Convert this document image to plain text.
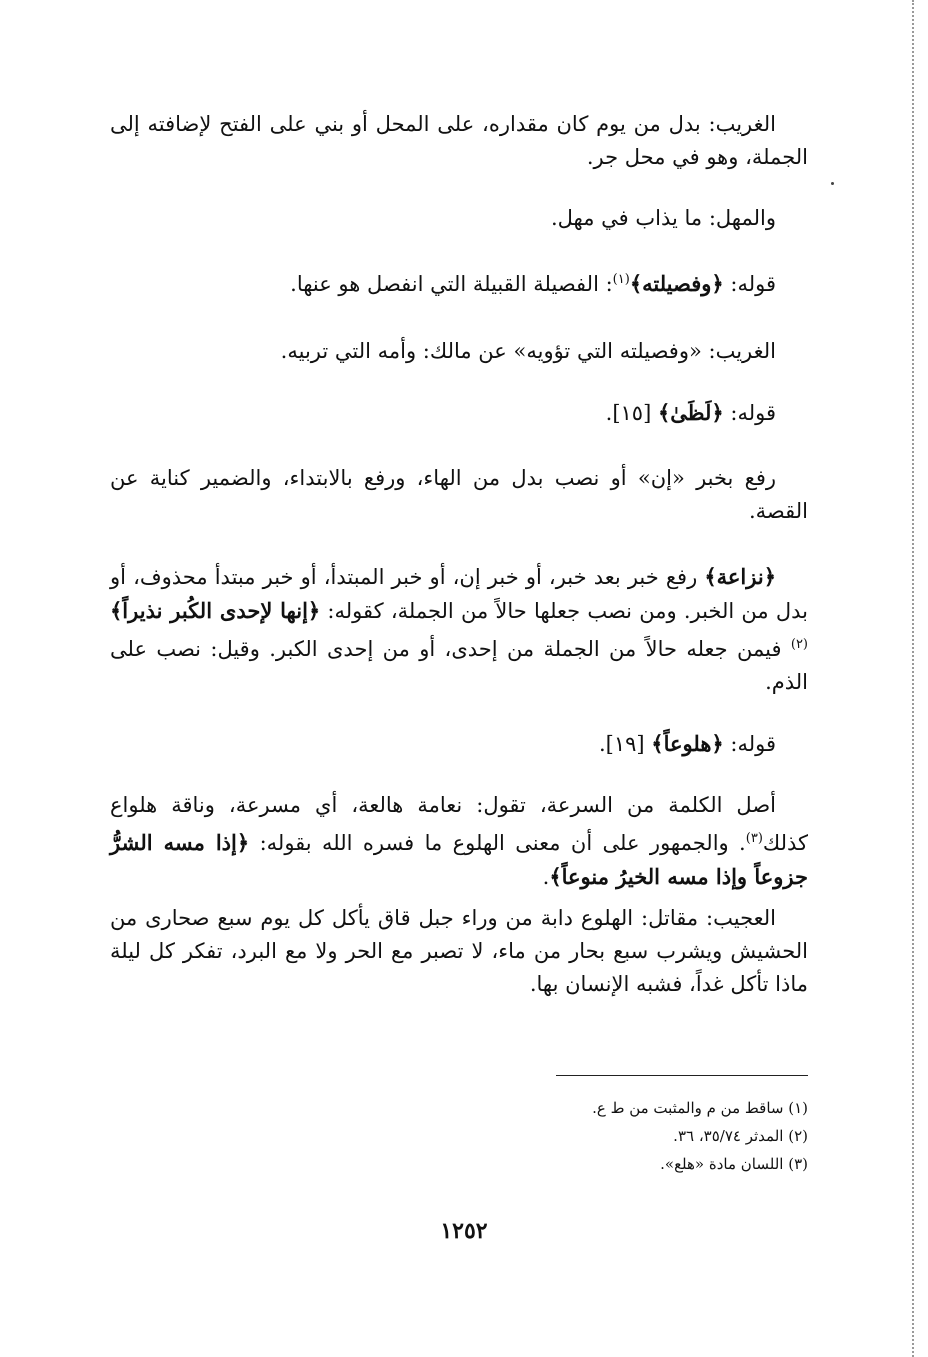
الغريب: بدل من يوم كان مقداره، على المحل أو بني على الفتح لإضافته إلى الجملة، وهو في محل جر.

والمهل: ما يذاب في مهل.

قوله: ﴿وفصيلته﴾$^{(١)}$: الفصيلة القبيلة التي انفصل هو عنها.

الغريب: «وفصيلته التي تؤويه» عن مالك: وأمه التي تربيه.

قوله: ﴿لَظَىٰ﴾ [١٥].

رفع بخبر «إن» أو نصب بدل من الهاء، ورفع بالابتداء، والضمير كناية عن القصة.

﴿نزاعة﴾ رفع خبر بعد خبر، أو خبر إن، أو خبر المبتدأ، أو خبر مبتدأ محذوف، أو بدل من الخبر. ومن نصب جعلها حالاً من الجملة، كقوله: ﴿إنها لإحدى الكُبر نذيراً﴾$^{(٢)}$ فيمن جعله حالاً من الجملة من إحدى، أو من إحدى الكبر. وقيل: نصب على الذم.

قوله: ﴿هلوعاً﴾ [١٩].

أصل الكلمة من السرعة، تقول: نعامة هالعة، أي مسرعة، وناقة هلواع كذلك$^{(٣)}$. والجمهور على أن معنى الهلوع ما فسره الله بقوله: ﴿إذا مسه الشرُّ جزوعاً وإذا مسه الخيرُ منوعاً﴾.

العجيب: مقاتل: الهلوع دابة من وراء جبل قاق يأكل كل يوم سبع صحارى من الحشيش ويشرب سبع بحار من ماء، لا تصبر مع الحر ولا مع البرد، تفكر كل ليلة ماذا تأكل غداً، فشبه الإنسان بها.

(١) ساقط من م والمثبت من ط ع.

(٢) المدثر ٣٥/٧٤، ٣٦.

(٣) اللسان مادة «هلع».

١٢٥٢
